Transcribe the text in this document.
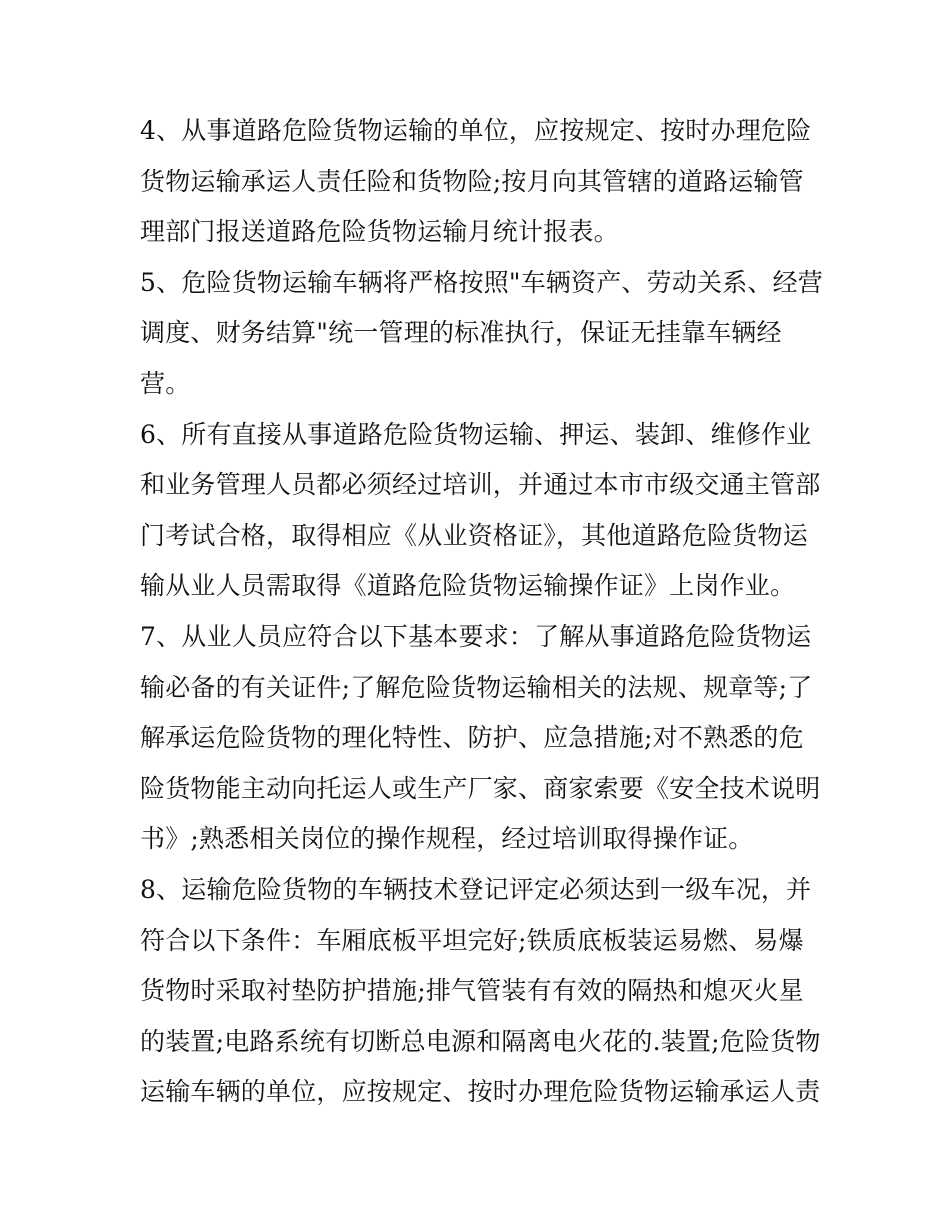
4、从事道路危险货物运输的单位，应按规定、按时办理危险
货物运输承运人责任险和货物险;按月向其管辖的道路运输管
理部门报送道路危险货物运输月统计报表。
5、危险货物运输车辆将严格按照"车辆资产、劳动关系、经营
调度、财务结算"统一管理的标准执行，保证无挂靠车辆经
营。
6、所有直接从事道路危险货物运输、押运、装卸、维修作业
和业务管理人员都必须经过培训，并通过本市市级交通主管部
门考试合格，取得相应《从业资格证》，其他道路危险货物运
输从业人员需取得《道路危险货物运输操作证》上岗作业。
7、从业人员应符合以下基本要求：了解从事道路危险货物运
输必备的有关证件;了解危险货物运输相关的法规、规章等;了
解承运危险货物的理化特性、防护、应急措施;对不熟悉的危
险货物能主动向托运人或生产厂家、商家索要《安全技术说明
书》;熟悉相关岗位的操作规程，经过培训取得操作证。
8、运输危险货物的车辆技术登记评定必须达到一级车况，并
符合以下条件：车厢底板平坦完好;铁质底板装运易燃、易爆
货物时采取衬垫防护措施;排气管装有有效的隔热和熄灭火星
的装置;电路系统有切断总电源和隔离电火花的.装置;危险货物
运输车辆的单位，应按规定、按时办理危险货物运输承运人责
